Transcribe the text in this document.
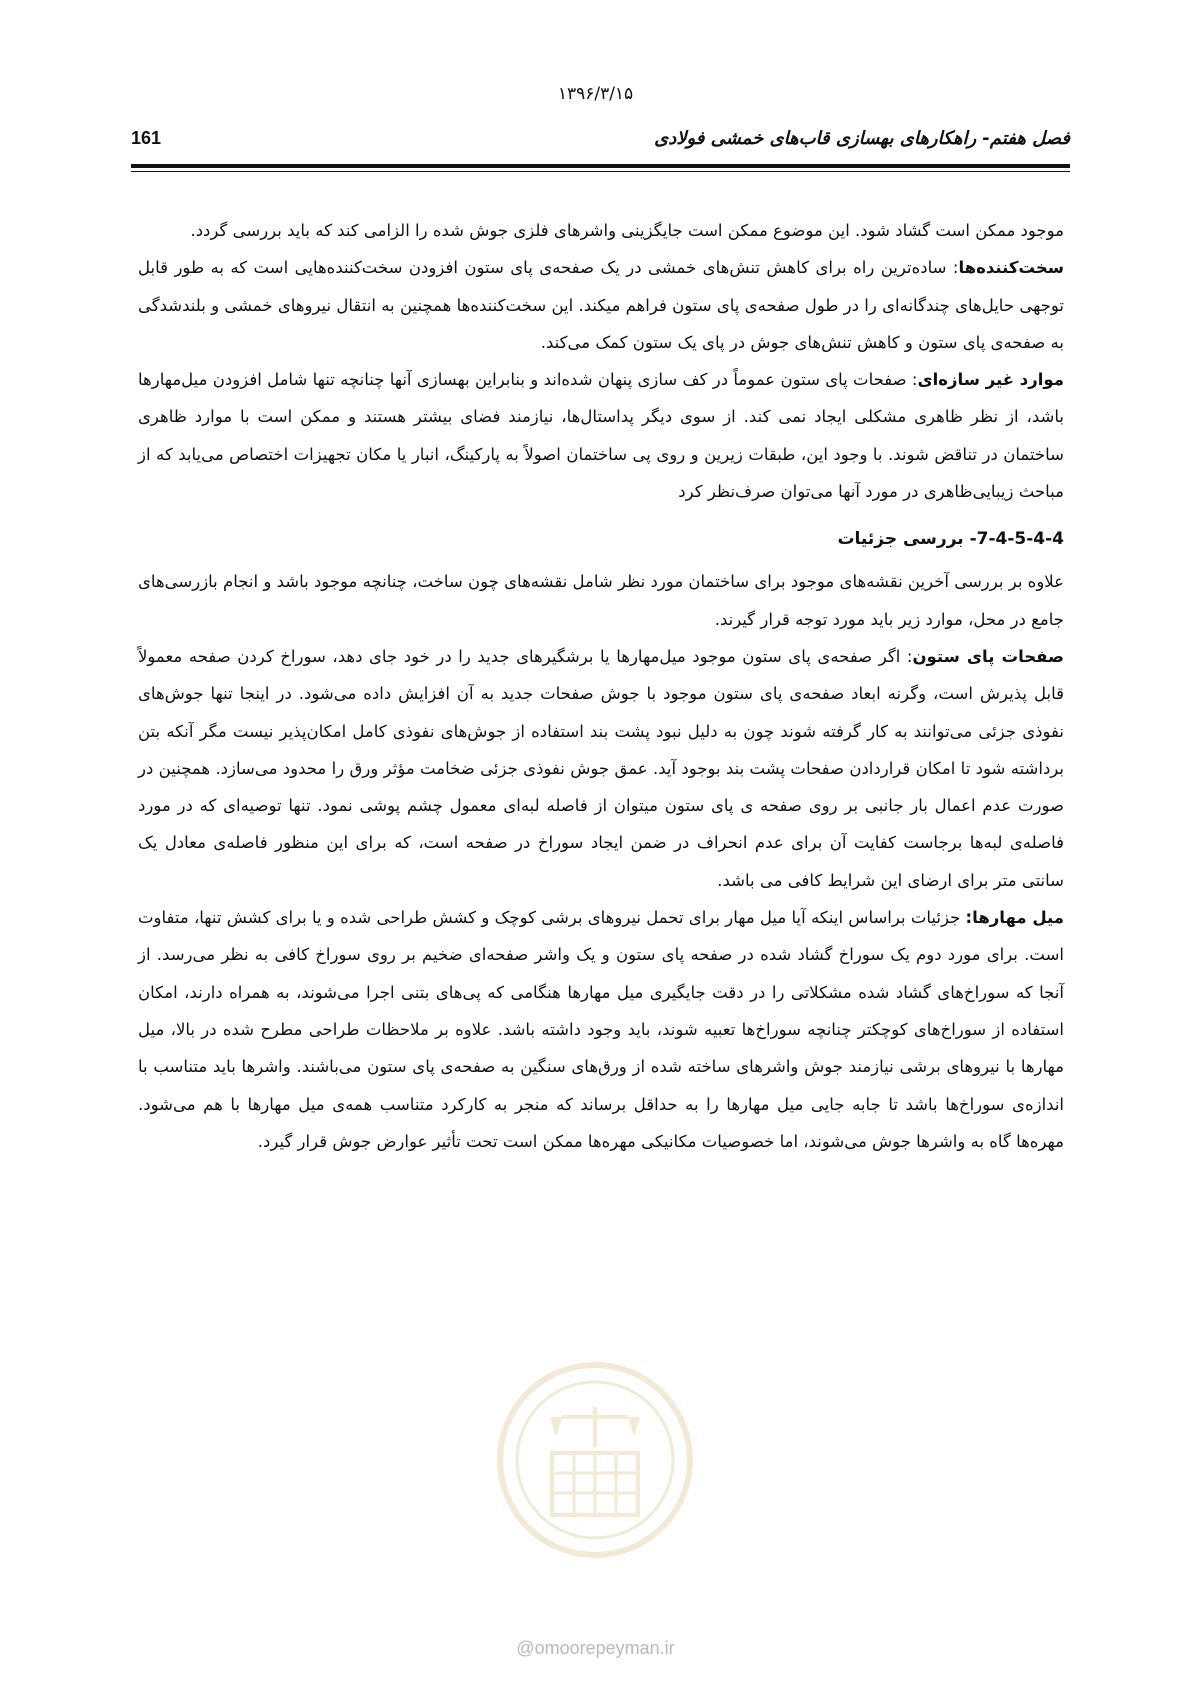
۱۳۹۶/۳/۱۵
فصل هفتم- راهکارهای بهسازی قاب‌های خمشی فولادی
161

موجود ممکن است گشاد شود. این موضوع ممکن است جایگزینی واشرهای فلزی جوش شده را الزامی کند که باید بررسی گردد.

سخت‌کننده‌ها: ساده‌ترین راه برای کاهش تنش‌های خمشی در یک صفحه‌ی پای ستون افزودن سخت‌کننده‌هایی است که به طور قابل توجهی حایل‌های چندگانه‌ای را در طول صفحه‌ی پای ستون فراهم میکند. این سخت‌کننده‌ها همچنین به انتقال نیروهای خمشی و بلندشدگی به صفحه‌ی پای ستون و کاهش تنش‌های جوش در پای یک ستون کمک می‌کند.

موارد غیر سازه‌ای: صفحات پای ستون عموماً در کف سازی پنهان شده‌اند و بنابراین بهسازی آنها چنانچه تنها شامل افزودن میل‌مهارها باشد، از نظر ظاهری مشکلی ایجاد نمی کند. از سوی دیگر پداستال‌ها، نیازمند فضای بیشتر هستند و ممکن است با موارد ظاهری ساختمان در تناقض شوند. با وجود این، طبقات زیرین و روی پی ساختمان اصولاً به پارکینگ، انبار یا مکان تجهیزات اختصاص می‌یابد که از مباحث زیبایی‌ظاهری در مورد آنها می‌توان صرف‌نظر کرد

7-4-5-4-4- بررسی جزئیات

علاوه بر بررسی آخرین نقشه‌های موجود برای ساختمان مورد نظر شامل نقشه‌های چون ساخت، چنانچه موجود باشد و انجام بازرسی‌های جامع در محل، موارد زیر باید مورد توجه قرار گیرند.

صفحات پای ستون: اگر صفحه‌ی پای ستون موجود میل‌مهارها یا برشگیرهای جدید را در خود جای دهد، سوراخ کردن صفحه معمولاً قابل پذیرش است، وگرنه ابعاد صفحه‌ی پای ستون موجود با جوش صفحات جدید به آن افزایش داده می‌شود. در اینجا تنها جوش‌های نفوذی جزئی می‌توانند به کار گرفته شوند چون به دلیل نبود پشت بند استفاده از جوش‌های نفوذی کامل امکان‌پذیر نیست مگر آنکه بتن برداشته شود تا امکان قراردادن صفحات پشت بند بوجود آید. عمق جوش نفوذی جزئی ضخامت مؤثر ورق را محدود می‌سازد. همچنین در صورت عدم اعمال بار جانبی بر روی صفحه ی پای ستون میتوان از فاصله لبه‌ای معمول چشم پوشی نمود. تنها توصیه‌ای که در مورد فاصله‌ی لبه‌ها برجاست کفایت آن برای عدم انحراف در ضمن ایجاد سوراخ در صفحه است، که برای این منظور فاصله‌ی معادل یک سانتی متر برای ارضای این شرایط کافی می باشد.

میل مهارها: جزئیات براساس اینکه آیا میل مهار برای تحمل نیروهای برشی کوچک و کشش طراحی شده و یا برای کشش تنها، متفاوت است. برای مورد دوم یک سوراخ گشاد شده در صفحه پای ستون و یک واشر صفحه‌ای ضخیم بر روی سوراخ کافی به نظر می‌رسد. از آنجا که سوراخ‌های گشاد شده مشکلاتی را در دقت جایگیری میل مهارها هنگامی که پی‌های بتنی اجرا می‌شوند، به همراه دارند، امکان استفاده از سوراخ‌های کوچکتر چنانچه سوراخ‌ها تعبیه شوند، باید وجود داشته باشد. علاوه بر ملاحظات طراحی مطرح شده در بالا، میل مهارها با نیروهای برشی نیازمند جوش واشرهای ساخته شده از ورق‌های سنگین به صفحه‌ی پای ستون می‌باشند. واشرها باید متناسب با اندازه‌ی سوراخ‌ها باشد تا جابه جایی میل مهارها را به حداقل برساند که منجر به کارکرد متناسب همه‌ی میل مهارها با هم می‌شود. مهره‌ها گاه به واشرها جوش می‌شوند، اما خصوصیات مکانیکی مهره‌ها ممکن است تحت تأثیر عوارض جوش قرار گیرد.

@omoorepeyman.ir
